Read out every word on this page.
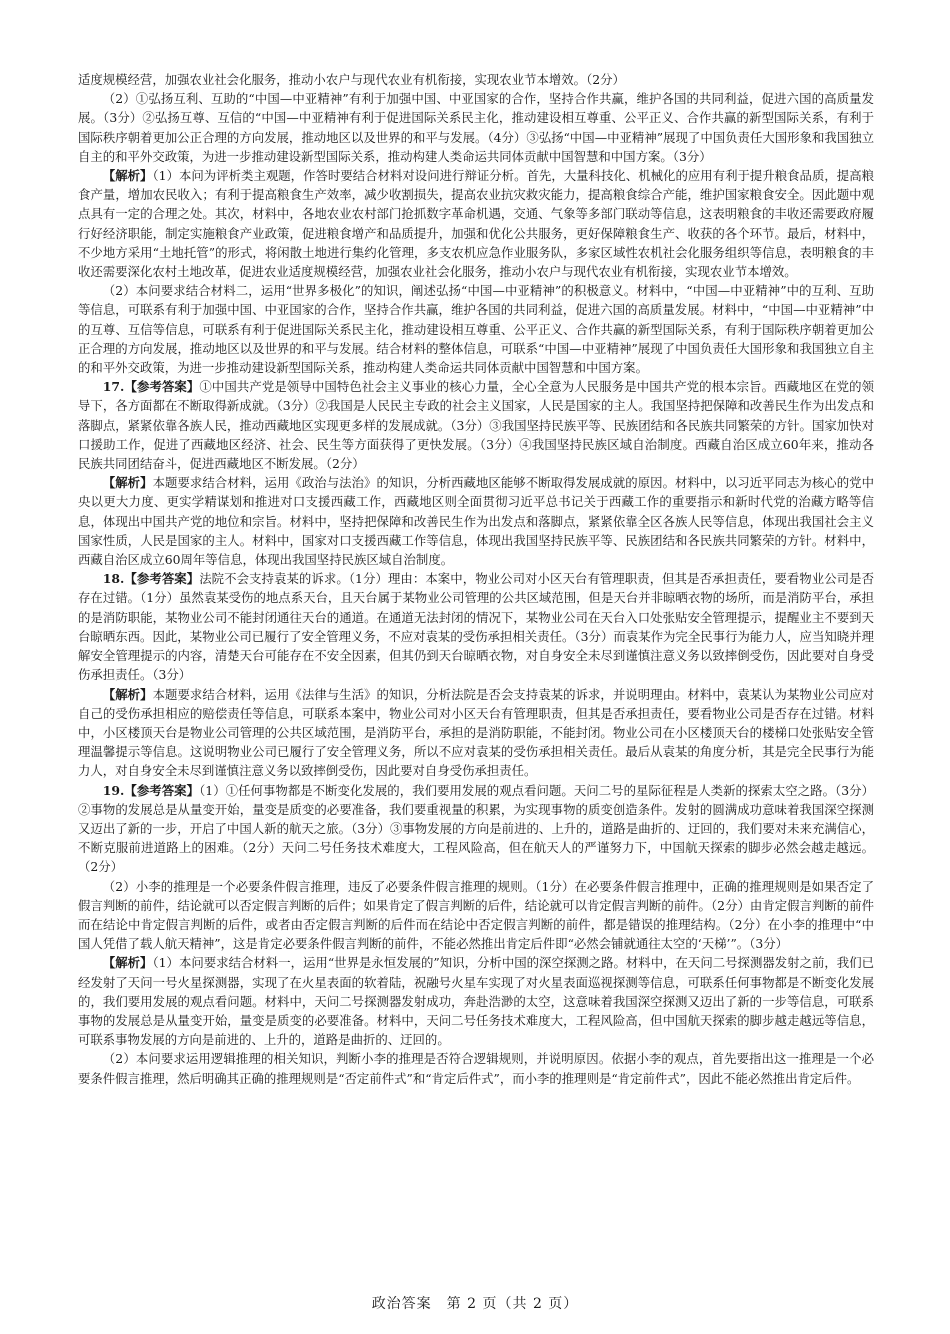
适度规模经营，加强农业社会化服务，推动小农户与现代农业有机衔接，实现农业节本增效。（2分）

（2）①弘扬互利、互助的“中国—中亚精神”有利于加强中国、中亚国家的合作，坚持合作共赢，维护各国的共同利益，促进六国的高质量发展。（3分）②弘扬互尊、互信的“中国—中亚精神有利于促进国际关系民主化，推动建设相互尊重、公平正义、合作共赢的新型国际关系，有利于国际秩序朝着更加公正合理的方向发展，推动地区以及世界的和平与发展。（4分）③弘扬“中国—中亚精神”展现了中国负责任大国形象和我国独立自主的和平外交政策，为进一步推动建设新型国际关系，推动构建人类命运共同体贡献中国智慧和中国方案。（3分）

【解析】（1）本问为评析类主观题，作答时要结合材料对设问进行辩证分析。首先，大量科技化、机械化的应用有利于提升粮食品质，提高粮食产量，增加农民收入；有利于提高粮食生产效率，减少收割损失，提高农业抗灾救灾能力，提高粮食综合产能，维护国家粮食安全。因此题中观点具有一定的合理之处。其次，材料中，各地农业农村部门抢抓数字革命机遇，交通、气象等多部门联动等信息，这表明粮食的丰收还需要政府履行好经济职能，制定实施粮食产业政策，促进粮食增产和品质提升，加强和优化公共服务，更好保障粮食生产、收获的各个环节。最后，材料中，不少地方采用“土地托管”的形式，将闲散土地进行集约化管理，多支农机应急作业服务队，多家区域性农机社会化服务组织等信息，表明粮食的丰收还需要深化农村土地改革，促进农业适度规模经营，加强农业社会化服务，推动小农户与现代农业有机衔接，实现农业节本增效。

（2）本问要求结合材料二，运用“世界多极化”的知识，阐述弘扬“中国—中亚精神”的积极意义。材料中，“中国—中亚精神”中的互利、互助等信息，可联系有利于加强中国、中亚国家的合作，坚持合作共赢，维护各国的共同利益，促进六国的高质量发展。材料中，“中国—中亚精神”中的互尊、互信等信息，可联系有利于促进国际关系民主化，推动建设相互尊重、公平正义、合作共赢的新型国际关系，有利于国际秩序朝着更加公正合理的方向发展，推动地区以及世界的和平与发展。结合材料的整体信息，可联系“中国—中亚精神”展现了中国负责任大国形象和我国独立自主的和平外交政策，为进一步推动建设新型国际关系，推动构建人类命运共同体贡献中国智慧和中国方案。

17.【参考答案】①中国共产党是领导中国特色社会主义事业的核心力量，全心全意为人民服务是中国共产党的根本宗旨。西藏地区在党的领导下，各方面都在不断取得新成就。（3分）②我国是人民民主专政的社会主义国家，人民是国家的主人。我国坚持把保障和改善民生作为出发点和落脚点，紧紧依靠各族人民，推动西藏地区实现更多样的发展成就。（3分）③我国坚持民族平等、民族团结和各民族共同繁荣的方针。国家加快对口援助工作，促进了西藏地区经济、社会、民生等方面获得了更快发展。（3分）④我国坚持民族区域自治制度。西藏自治区成立60年来，推动各民族共同团结奋斗，促进西藏地区不断发展。（2分）

【解析】本题要求结合材料，运用《政治与法治》的知识，分析西藏地区能够不断取得发展成就的原因。材料中，以习近平同志为核心的党中央以更大力度、更实学精谋划和推进对口支援西藏工作，西藏地区则全面贯彻习近平总书记关于西藏工作的重要指示和新时代党的治藏方略等信息，体现出中国共产党的地位和宗旨。材料中，坚持把保障和改善民生作为出发点和落脚点，紧紧依靠全区各族人民等信息，体现出我国社会主义国家性质，人民是国家的主人。材料中，国家对口支援西藏工作等信息，体现出我国坚持民族平等、民族团结和各民族共同繁荣的方针。材料中，西藏自治区成立60周年等信息，体现出我国坚持民族区域自治制度。

18.【参考答案】法院不会支持袁某的诉求。（1分）理由：本案中，物业公司对小区天台有管理职责，但其是否承担责任，要看物业公司是否存在过错。（1分）虽然袁某受伤的地点系天台，且天台属于某物业公司管理的公共区域范围，但是天台并非晾晒衣物的场所，而是消防平台，承担的是消防职能，某物业公司不能封闭通往天台的通道。在通道无法封闭的情况下，某物业公司在天台入口处张贴安全管理提示，提醒业主不要到天台晾晒东西。因此，某物业公司已履行了安全管理义务，不应对袁某的受伤承担相关责任。（3分）而袁某作为完全民事行为能力人，应当知晓并理解安全管理提示的内容，清楚天台可能存在不安全因素，但其仍到天台晾晒衣物，对自身安全未尽到谨慎注意义务以致摔倒受伤，因此要对自身受伤承担责任。（3分）

【解析】本题要求结合材料，运用《法律与生活》的知识，分析法院是否会支持袁某的诉求，并说明理由。材料中，袁某认为某物业公司应对自己的受伤承担相应的赔偿责任等信息，可联系本案中，物业公司对小区天台有管理职责，但其是否承担责任，要看物业公司是否存在过错。材料中，小区楼顶天台是物业公司管理的公共区域范围，是消防平台，承担的是消防职能，不能封闭。物业公司在小区楼顶天台的楼梯口处张贴安全管理温馨提示等信息。这说明物业公司已履行了安全管理义务，所以不应对袁某的受伤承担相关责任。最后从袁某的角度分析，其是完全民事行为能力人，对自身安全未尽到谨慎注意义务以致摔倒受伤，因此要对自身受伤承担责任。

19.【参考答案】（1）①任何事物都是不断变化发展的，我们要用发展的观点看问题。天问二号的星际征程是人类新的探索太空之路。（3分）②事物的发展总是从量变开始，量变是质变的必要准备，我们要重视量的积累，为实现事物的质变创造条件。发射的圆满成功意味着我国深空探测又迈出了新的一步，开启了中国人新的航天之旅。（3分）③事物发展的方向是前进的、上升的，道路是曲折的、迂回的，我们要对未来充满信心，不断克服前进道路上的困难。（2分）天问二号任务技术难度大，工程风险高，但在航天人的严谨努力下，中国航天探索的脚步必然会越走越远。（2分）

（2）小李的推理是一个必要条件假言推理，违反了必要条件假言推理的规则。（1分）在必要条件假言推理中，正确的推理规则是如果否定了假言判断的前件，结论就可以否定假言判断的后件；如果肯定了假言判断的后件，结论就可以肯定假言判断的前件。（2分）由肯定假言判断的前件而在结论中肯定假言判断的后件，或者由否定假言判断的后件而在结论中否定假言判断的前件，都是错误的推理结构。（2分）在小李的推理中“中国人凭借了载人航天精神”，这是肯定必要条件假言判断的前件，不能必然推出肯定后件即“必然会铺就通往太空的‘天梯’”。（3分）

【解析】（1）本问要求结合材料一，运用“世界是永恒发展的”知识，分析中国的深空探测之路。材料中，在天问二号探测器发射之前，我们已经发射了天问一号火星探测器，实现了在火星表面的软着陆，祝融号火星车实现了对火星表面巡视探测等信息，可联系任何事物都是不断变化发展的，我们要用发展的观点看问题。材料中，天问二号探测器发射成功，奔赴浩渺的太空，这意味着我国深空探测又迈出了新的一步等信息，可联系事物的发展总是从量变开始，量变是质变的必要准备。材料中，天问二号任务技术难度大，工程风险高，但中国航天探索的脚步越走越远等信息，可联系事物发展的方向是前进的、上升的，道路是曲折的、迂回的。

（2）本问要求运用逻辑推理的相关知识，判断小李的推理是否符合逻辑规则，并说明原因。依据小李的观点，首先要指出这一推理是一个必要条件假言推理，然后明确其正确的推理规则是“否定前件式”和“肯定后件式”，而小李的推理则是“肯定前件式”，因此不能必然推出肯定后件。

政治答案　第 2 页（共 2 页）
